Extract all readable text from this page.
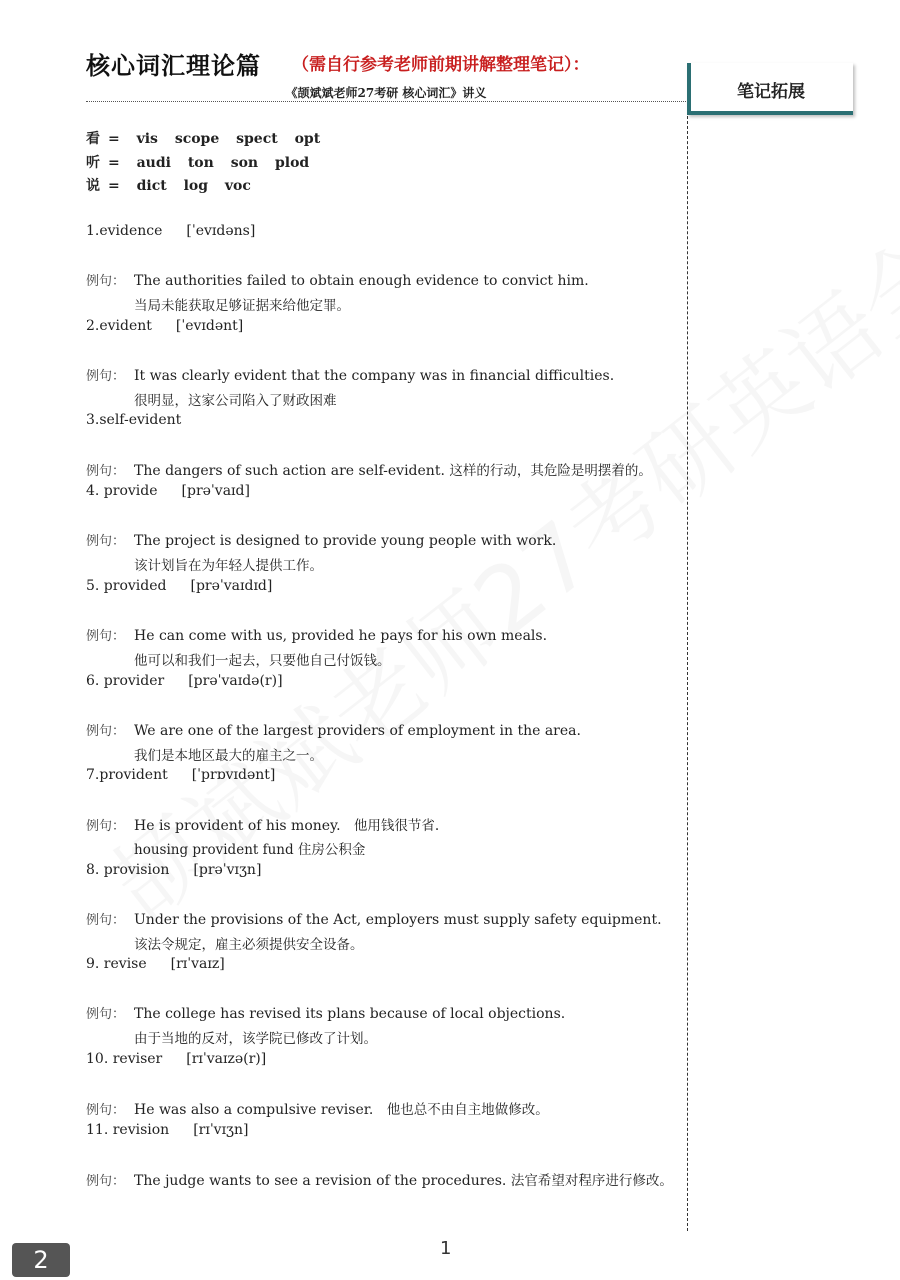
核心词汇理论篇 （需自行参考老师前期讲解整理笔记）：
《颉斌斌老师27考研 核心词汇》讲义	笔记拓展
看 = vis scope spect opt
听 = audi ton son plod
说 = dict log voc
1.evidence [ˈevɪdəns]
例句： The authorities failed to obtain enough evidence to convict him.
当局未能获取足够证据来给他定罪。
2.evident [ˈevɪdənt]
例句： It was clearly evident that the company was in financial difficulties.
很明显，这家公司陷入了财政困难
3.self-evident
例句： The dangers of such action are self-evident. 这样的行动，其危险是明摆着的。
4. provide [prəˈvaɪd]
例句： The project is designed to provide young people with work.
该计划旨在为年轻人提供工作。
5. provided [prəˈvaɪdɪd]
例句： He can come with us, provided he pays for his own meals.
他可以和我们一起去，只要他自己付饭钱。
6. provider [prəˈvaɪdə(r)]
例句： We are one of the largest providers of employment in the area.
我们是本地区最大的雇主之一。
7.provident [ˈprɒvɪdənt]
例句： He is provident of his money. 他用钱很节省.
housing provident fund 住房公积金
8. provision [prəˈvɪʒn]
例句： Under the provisions of the Act, employers must supply safety equipment.
该法令规定，雇主必须提供安全设备。
9. revise [rɪˈvaɪz]
例句： The college has revised its plans because of local objections.
由于当地的反对，该学院已修改了计划。
10. reviser [rɪˈvaɪzə(r)]
例句： He was also a compulsive reviser. 他也总不由自主地做修改。
11. revision [rɪˈvɪʒn]
例句： The judge wants to see a revision of the procedures. 法官希望对程序进行修改。
1
2
